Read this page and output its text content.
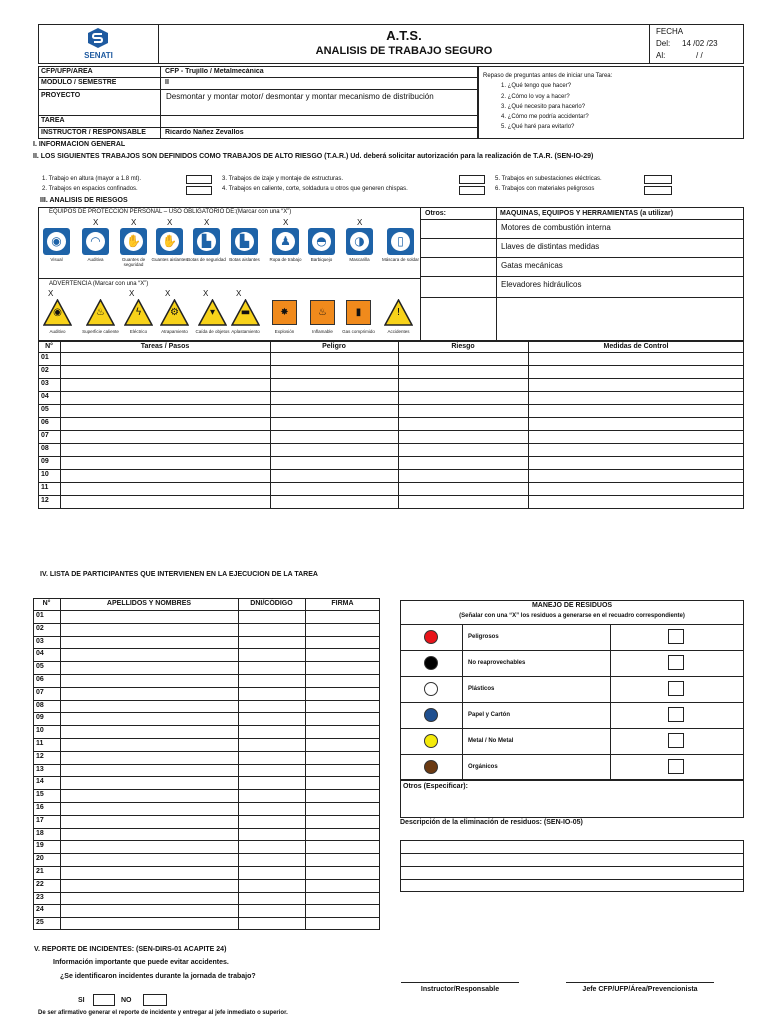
SENATI
A.T.S.
ANALISIS DE TRABAJO SEGURO
FECHA
Del: 14 /02 /23
Al:	/ /
CFP/UFP/AREA	CFP - Trujillo / Metalmecánica
MODULO / SEMESTRE	II
PROYECTO	Desmontar y montar motor/ desmontar y montar mecanismo de distribución
TAREA
INSTRUCTOR / RESPONSABLE	Ricardo Ñañez Zevallos
Repaso de preguntas antes de iniciar una Tarea:
1. ¿Qué tengo que hacer?
2. ¿Cómo lo voy a hacer?
3. ¿Qué necesito para hacerlo?
4. ¿Cómo me podría accidentar?
5. ¿Qué haré para evitarlo?
I. INFORMACION GENERAL
II. LOS SIGUIENTES TRABAJOS SON DEFINIDOS COMO TRABAJOS DE ALTO RIESGO (T.A.R.) Ud. deberá solicitar autorización para la realización de T.A.R. (SEN-IO-29)
1. Trabajo en altura (mayor a 1.8 mt).
2. Trabajos en espacios confinados.
3. Trabajos de izaje y montaje de estructuras.
4. Trabajos en caliente, corte, soldadura u otros que generen chispas.
5. Trabajos en subestaciones eléctricas.
6. Trabajos con materiales peligrosos
III. ANALISIS DE RIESGOS
Otros:	MAQUINAS, EQUIPOS Y HERRAMIENTAS (a utilizar)
Motores de combustión interna
Llaves de distintas medidas
Gatas mecánicas
Elevadores hidráulicos
EQUIPOS DE PROTECCION PERSONAL – USO OBLIGATORIO DE:(Marcar con una “X”)
◉
Visual
X
◠
Auditiva
X
✋
Guantes de seguridad
X
✋
Guantes aislantes
X
▙
Botas de seguridad
▙
Botas aislantes
X
♟
Ropa de trabajo
◓
Barbiquejo
X
◑
Mascarilla
▯
Máscara de soldar
ADVERTENCIA (Marcar con una “X”)
X
◉
Auditivo
♨
Superficie caliente
X
ϟ
Eléctrico
X
⚙
Atrapamiento
X
▾
Caída de objetos
X
▬
Aplastamiento
✸
Explosión
♨
Inflamable
▮
Gas comprimido
!
Accidentes
N°	Tareas / Pasos	Peligro	Riesgo	Medidas de Control
01
02
03
04
05
06
07
08
09
10
11
12
IV. LISTA DE PARTICIPANTES QUE INTERVIENEN EN LA EJECUCION DE LA TAREA
N°	APELLIDOS Y NOMBRES	DNI/CÓDIGO	FIRMA
01
02
03
04
05
06
07
08
09
10
11
12
13
14
15
16
17
18
19
20
21
22
23
24
25
MANEJO DE RESIDUOS
(Señalar con una “X” los residuos a generarse en el recuadro correspondiente)
Peligrosos
No reaprovechables
Plásticos
Papel y Cartón
Metal / No Metal
Orgánicos
Otros (Especificar):
Descripción de la eliminación de residuos: (SEN-IO-05)
V. REPORTE DE INCIDENTES: (SEN-DIRS-01 ACAPITE 24)
Información importante que puede evitar accidentes.
¿Se identificaron incidentes durante la jornada de trabajo?
SI	NO
De ser afirmativo generar el reporte de incidente y entregar al jefe inmediato o superior.
Instructor/Responsable	Jefe CFP/UFP/Área/Prevencionista
